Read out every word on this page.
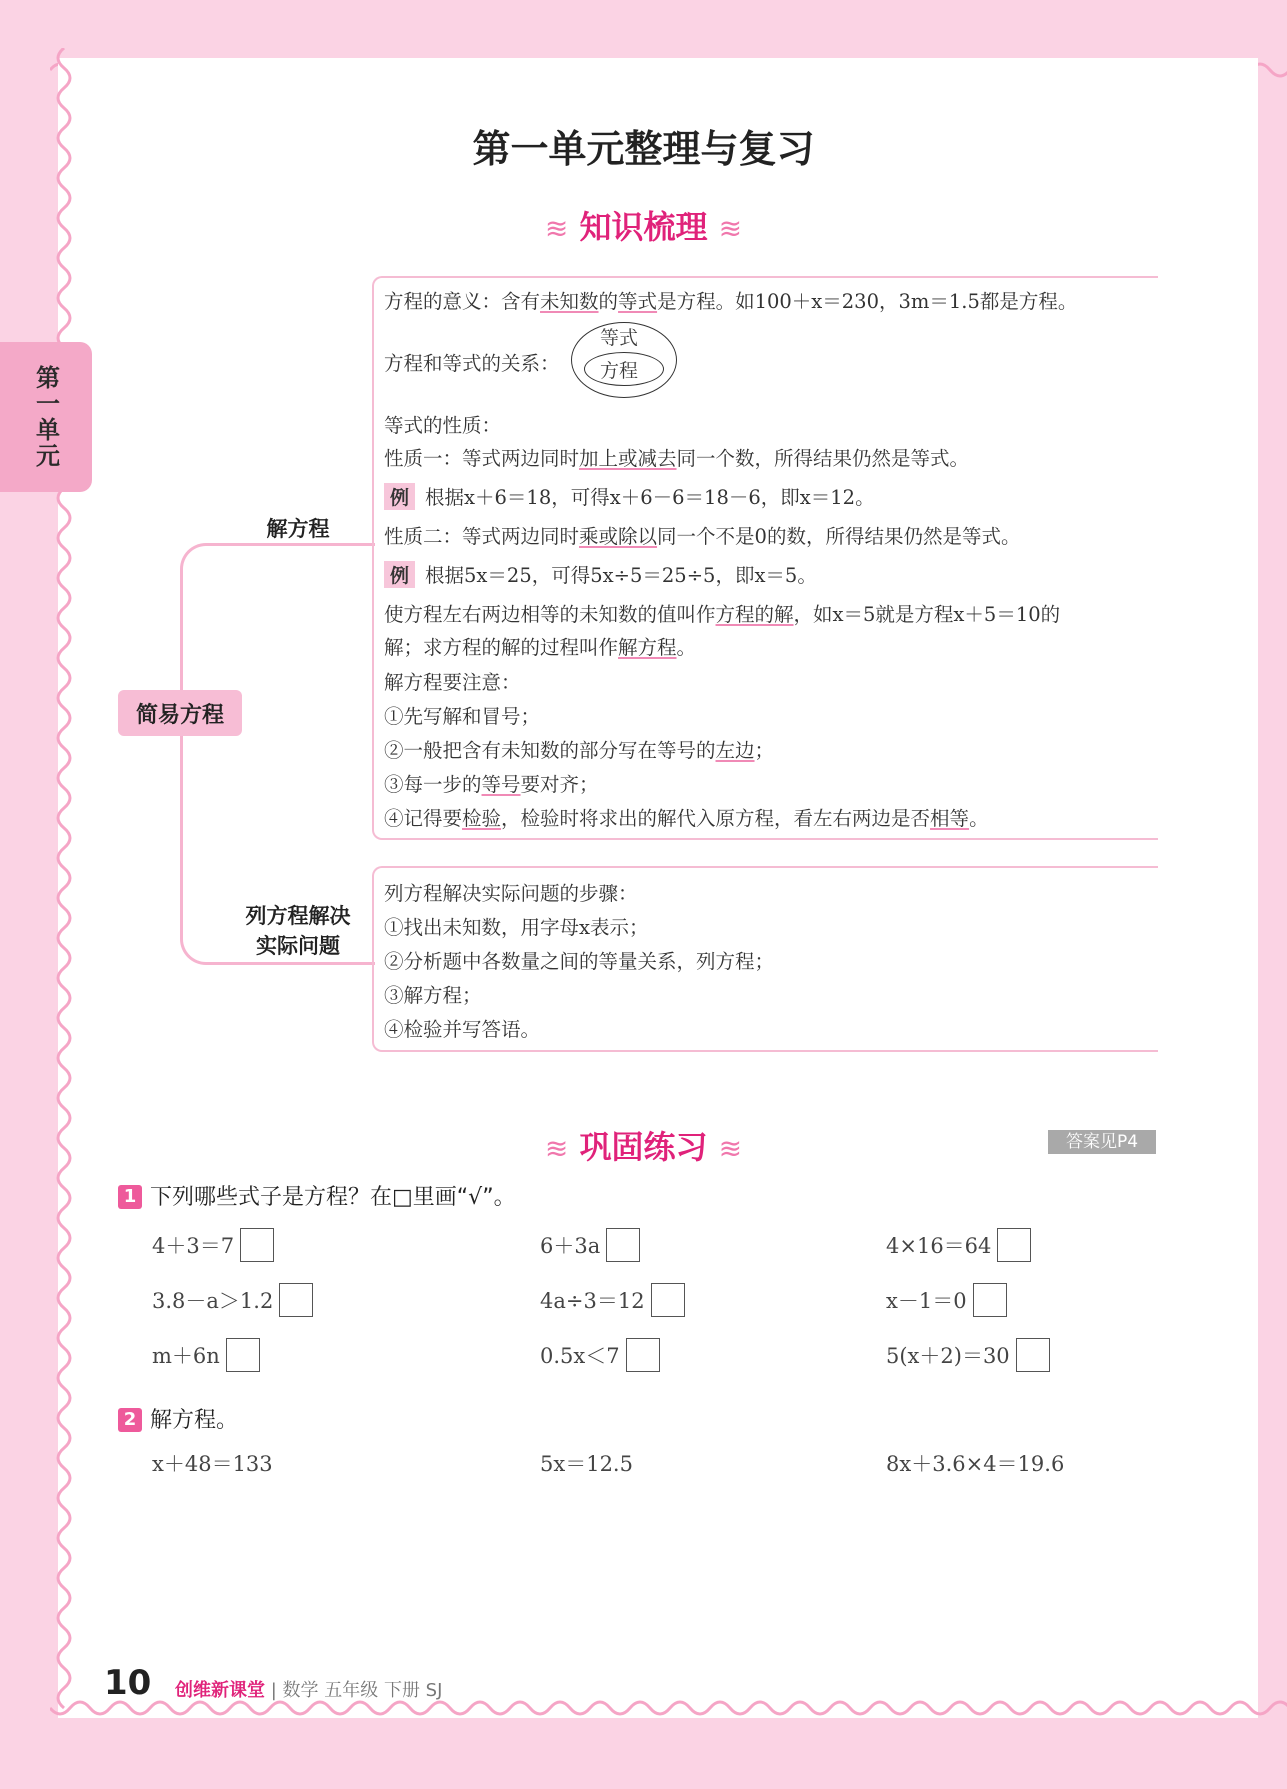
第一单元
第一单元整理与复习
≋ 知识梳理 ≋
简易方程
解方程
列方程解决
实际问题
方程的意义：含有未知数的等式是方程。如100＋x＝230，3m＝1.5都是方程。
方程和等式的关系：
等式
方程
等式的性质：
性质一：等式两边同时加上或减去同一个数，所得结果仍然是等式。
例 根据x＋6＝18，可得x＋6－6＝18－6，即x＝12。
性质二：等式两边同时乘或除以同一个不是0的数，所得结果仍然是等式。
例 根据5x＝25，可得5x÷5＝25÷5，即x＝5。
使方程左右两边相等的未知数的值叫作方程的解，如x＝5就是方程x＋5＝10的
解；求方程的解的过程叫作解方程。
解方程要注意：
①先写解和冒号；
②一般把含有未知数的部分写在等号的左边；
③每一步的等号要对齐；
④记得要检验，检验时将求出的解代入原方程，看左右两边是否相等。
列方程解决实际问题的步骤：
①找出未知数，用字母x表示；
②分析题中各数量之间的等量关系，列方程；
③解方程；
④检验并写答语。
≋ 巩固练习 ≋	答案见P4
1 下列哪些式子是方程？在□里画“√”。
4＋3＝7	6＋3a	4×16＝64
3.8－a＞1.2	4a÷3＝12	x－1＝0
m＋6n	0.5x＜7	5(x＋2)＝30
2 解方程。
x＋48＝133	5x＝12.5	8x＋3.6×4＝19.6
10 创维新课堂 | 数学 五年级 下册 SJ
